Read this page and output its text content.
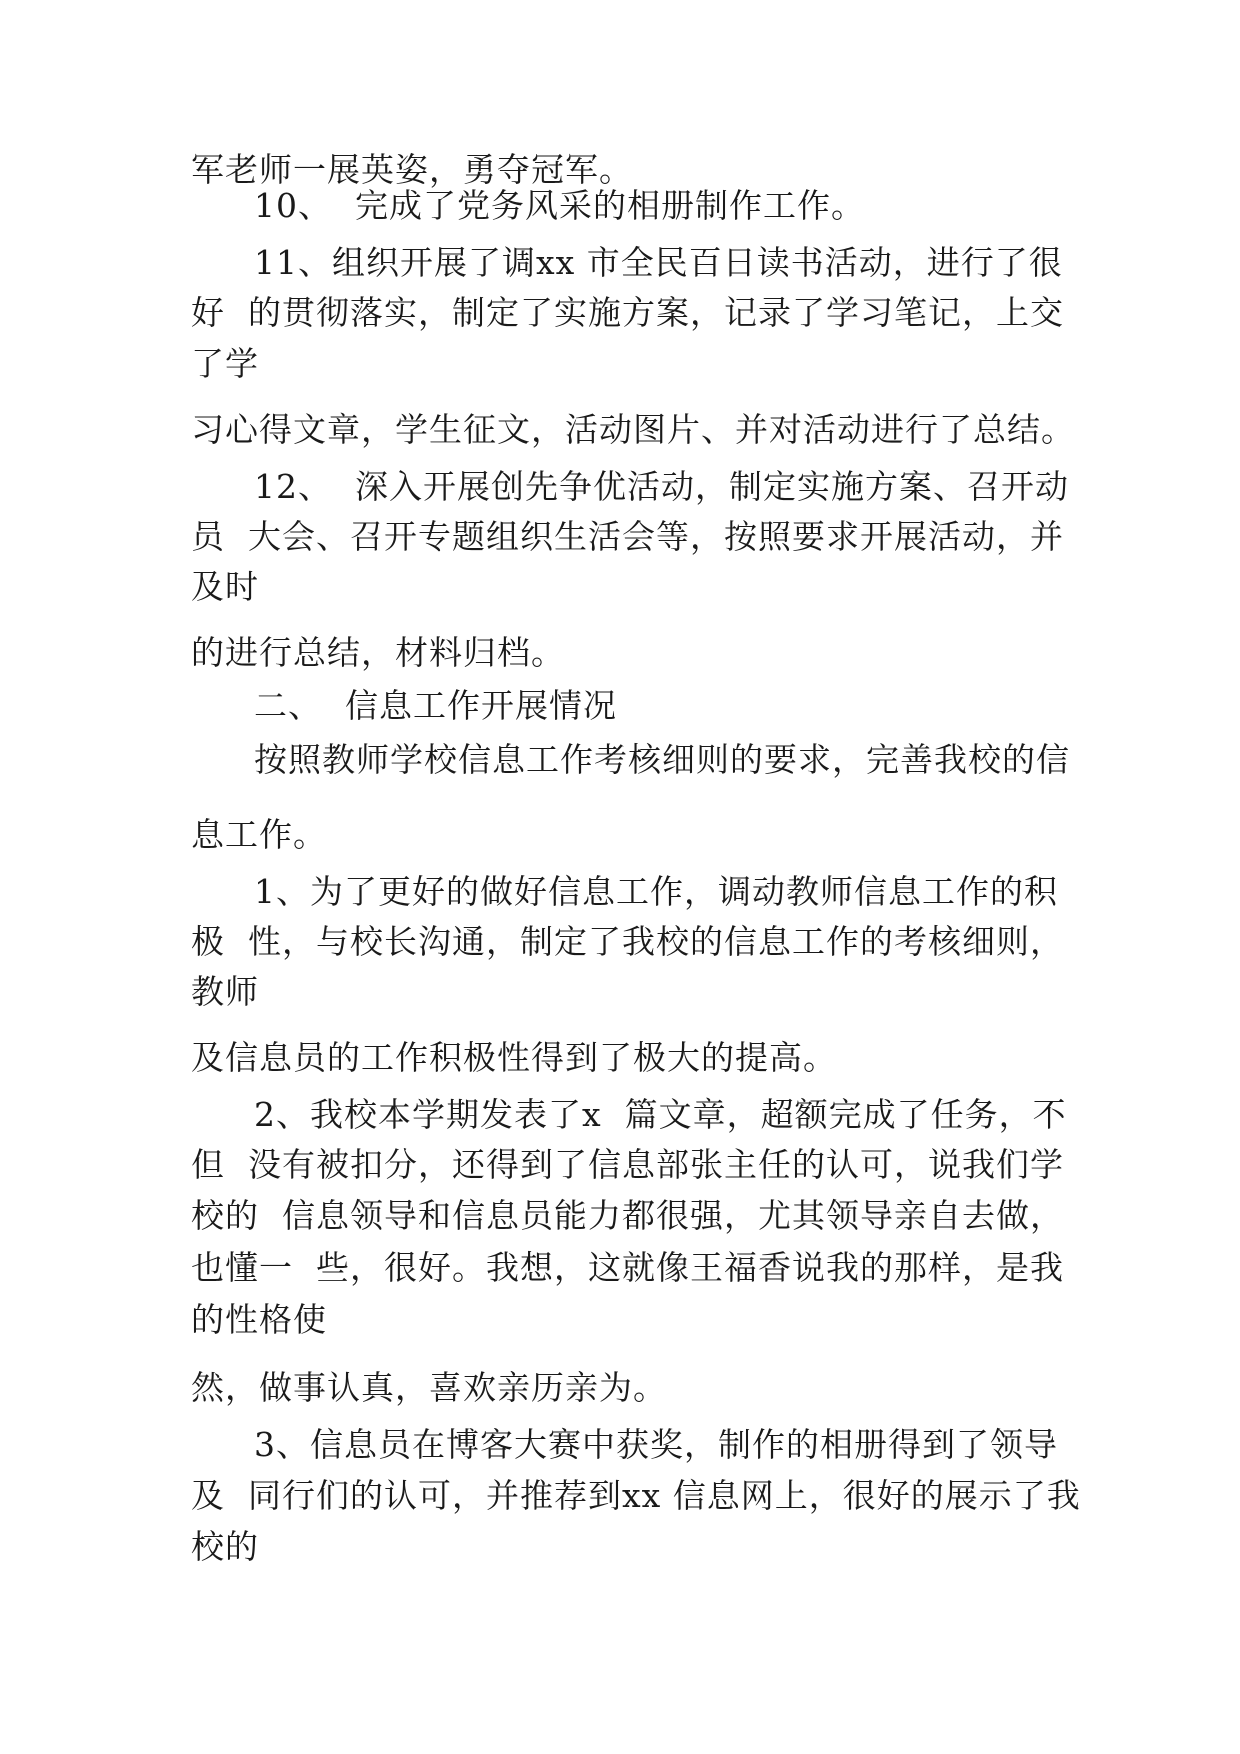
军老师一展英姿，勇夺冠军。
10、  完成了党务风采的相册制作工作。
11、组织开展了调xx 市全民百日读书活动，进行了很
好  的贯彻落实，制定了实施方案，记录了学习笔记，上交
了学
习心得文章，学生征文，活动图片、并对活动进行了总结。
12、  深入开展创先争优活动，制定实施方案、召开动
员  大会、召开专题组织生活会等，按照要求开展活动，并
及时
的进行总结，材料归档。
二、  信息工作开展情况
按照教师学校信息工作考核细则的要求，完善我校的信
息工作。
1、为了更好的做好信息工作，调动教师信息工作的积
极  性，与校长沟通，制定了我校的信息工作的考核细则，
教师
及信息员的工作积极性得到了极大的提高。
2、我校本学期发表了x  篇文章，超额完成了任务，不
但  没有被扣分，还得到了信息部张主任的认可，说我们学
校的  信息领导和信息员能力都很强，尤其领导亲自去做，
也懂一  些，很好。我想，这就像王福香说我的那样，是我
的性格使
然，做事认真，喜欢亲历亲为。
3、信息员在博客大赛中获奖，制作的相册得到了领导
及  同行们的认可，并推荐到xx 信息网上，很好的展示了我
校的
